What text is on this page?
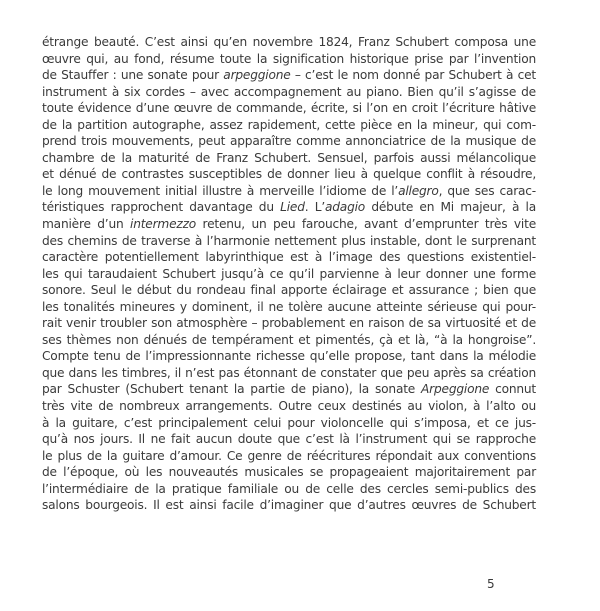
étrange beauté. C’est ainsi qu’en novembre 1824, Franz Schubert composa une
œuvre qui, au fond, résume toute la signification historique prise par l’invention
de Stauffer : une sonate pour arpeggione – c’est le nom donné par Schubert à cet
instrument à six cordes – avec accompagnement au piano. Bien qu’il s’agisse de
toute évidence d’une œuvre de commande, écrite, si l’on en croit l’écriture hâtive
de la partition autographe, assez rapidement, cette pièce en la mineur, qui com-
prend trois mouvements, peut apparaître comme annonciatrice de la musique de
chambre de la maturité de Franz Schubert. Sensuel, parfois aussi mélancolique
et dénué de contrastes susceptibles de donner lieu à quelque conflit à résoudre,
le long mouvement initial illustre à merveille l’idiome de l’allegro, que ses carac-
téristiques rapprochent davantage du Lied. L’adagio débute en Mi majeur, à la
manière d’un intermezzo retenu, un peu farouche, avant d’emprunter très vite
des chemins de traverse à l’harmonie nettement plus instable, dont le surprenant
caractère potentiellement labyrinthique est à l’image des questions existentiel-
les qui taraudaient Schubert jusqu’à ce qu’il parvienne à leur donner une forme
sonore. Seul le début du rondeau final apporte éclairage et assurance ; bien que
les tonalités mineures y dominent, il ne tolère aucune atteinte sérieuse qui pour-
rait venir troubler son atmosphère – probablement en raison de sa virtuosité et de
ses thèmes non dénués de tempérament et pimentés, çà et là, “à la hongroise”.
Compte tenu de l’impressionnante richesse qu’elle propose, tant dans la mélodie
que dans les timbres, il n’est pas étonnant de constater que peu après sa création
par Schuster (Schubert tenant la partie de piano), la sonate Arpeggione connut
très vite de nombreux arrangements. Outre ceux destinés au violon, à l’alto ou
à la guitare, c’est principalement celui pour violoncelle qui s’imposa, et ce jus-
qu’à nos jours. Il ne fait aucun doute que c’est là l’instrument qui se rapproche
le plus de la guitare d’amour. Ce genre de réécritures répondait aux conventions
de l’époque, où les nouveautés musicales se propageaient majoritairement par
l’intermédiaire de la pratique familiale ou de celle des cercles semi-publics des
salons bourgeois. Il est ainsi facile d’imaginer que d’autres œuvres de Schubert
5
